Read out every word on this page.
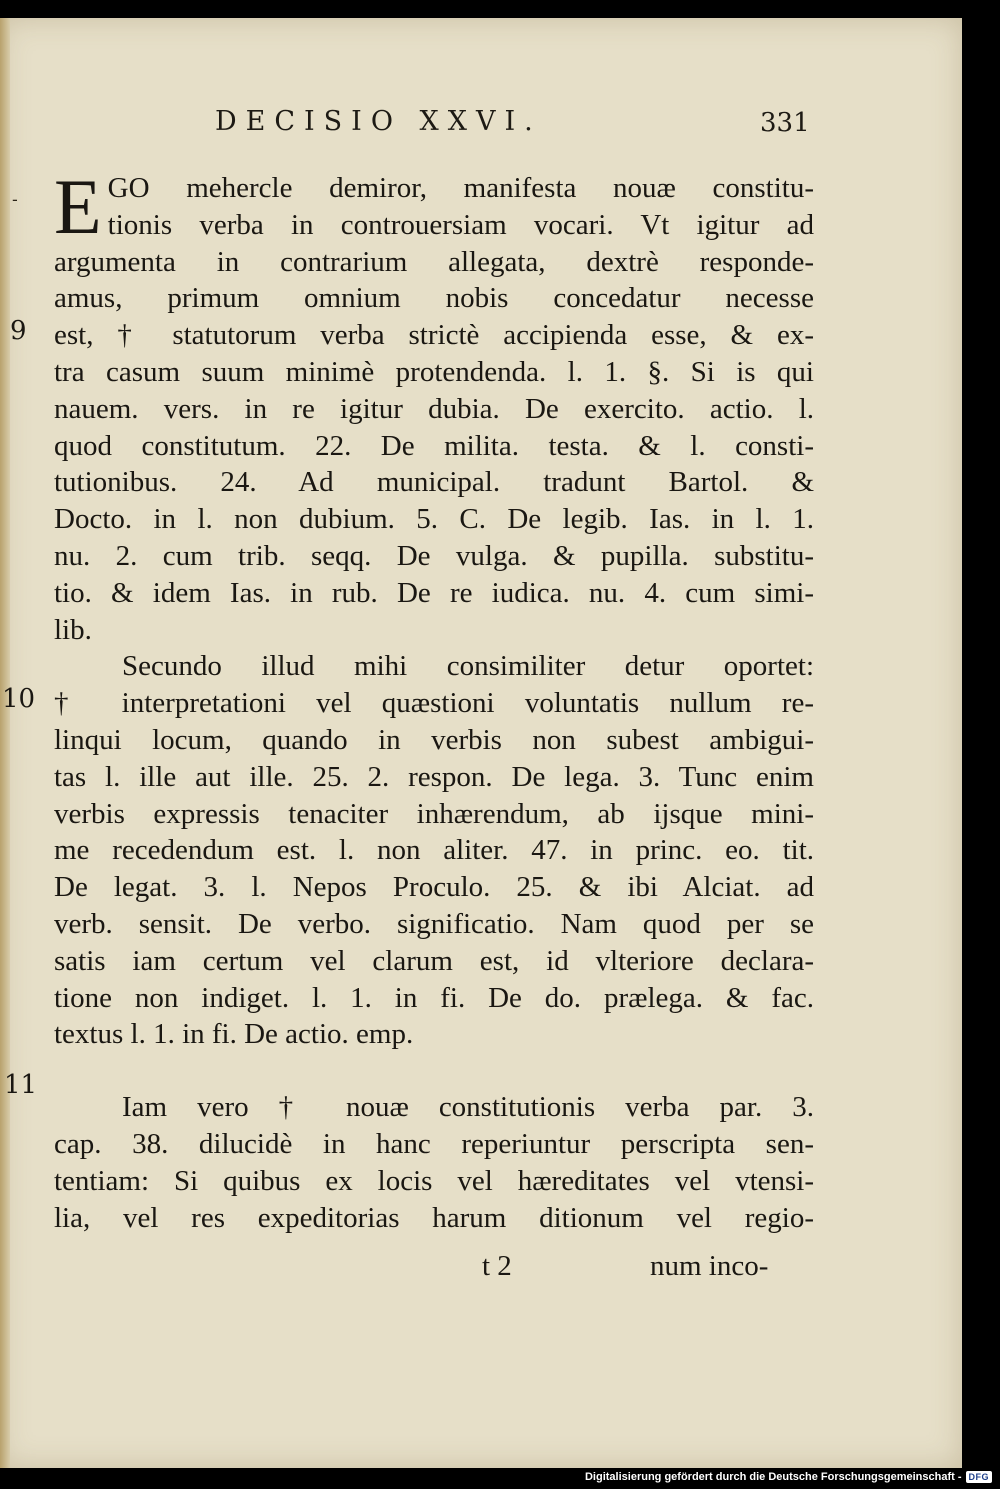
DECISIO XXVI.	331
-
9
10
11
E GO mehercle demiror, manifesta nouæ constitu-
tionis verba in controuersiam vocari. Vt igitur ad
argumenta in contrarium allegata, dextrè responde-
amus, primum omnium nobis concedatur necesse
est, † statutorum verba strictè accipienda esse, & ex-
tra casum suum minimè protendenda. l. 1. §. Si is qui
nauem. vers. in re igitur dubia. De exercito. actio. l.
quod constitutum. 22. De milita. testa. & l. consti-
tutionibus. 24. Ad municipal. tradunt Bartol. &
Docto. in l. non dubium. 5. C. De legib. Ias. in l. 1.
nu. 2. cum trib. seqq. De vulga. & pupilla. substitu-
tio. & idem Ias. in rub. De re iudica. nu. 4. cum simi-
lib.
Secundo illud mihi consimiliter detur oportet:
† interpretationi vel quæstioni voluntatis nullum re-
linqui locum, quando in verbis non subest ambigui-
tas l. ille aut ille. 25. 2. respon. De lega. 3. Tunc enim
verbis expressis tenaciter inhærendum, ab ijsque mini-
me recedendum est. l. non aliter. 47. in princ. eo. tit.
De legat. 3. l. Nepos Proculo. 25. & ibi Alciat. ad
verb. sensit. De verbo. significatio. Nam quod per se
satis iam certum vel clarum est, id vlteriore declara-
tione non indiget. l. 1. in fi. De do. prælega. & fac.
textus l. 1. in fi. De actio. emp.
Iam vero † nouæ constitutionis verba par. 3.
cap. 38. dilucidè in hanc reperiuntur perscripta sen-
tentiam: Si quibus ex locis vel hæreditates vel vtensi-
lia, vel res expeditorias harum ditionum vel regio-
t 2	num inco-
Digitalisierung gefördert durch die Deutsche Forschungsgemeinschaft - DFG
